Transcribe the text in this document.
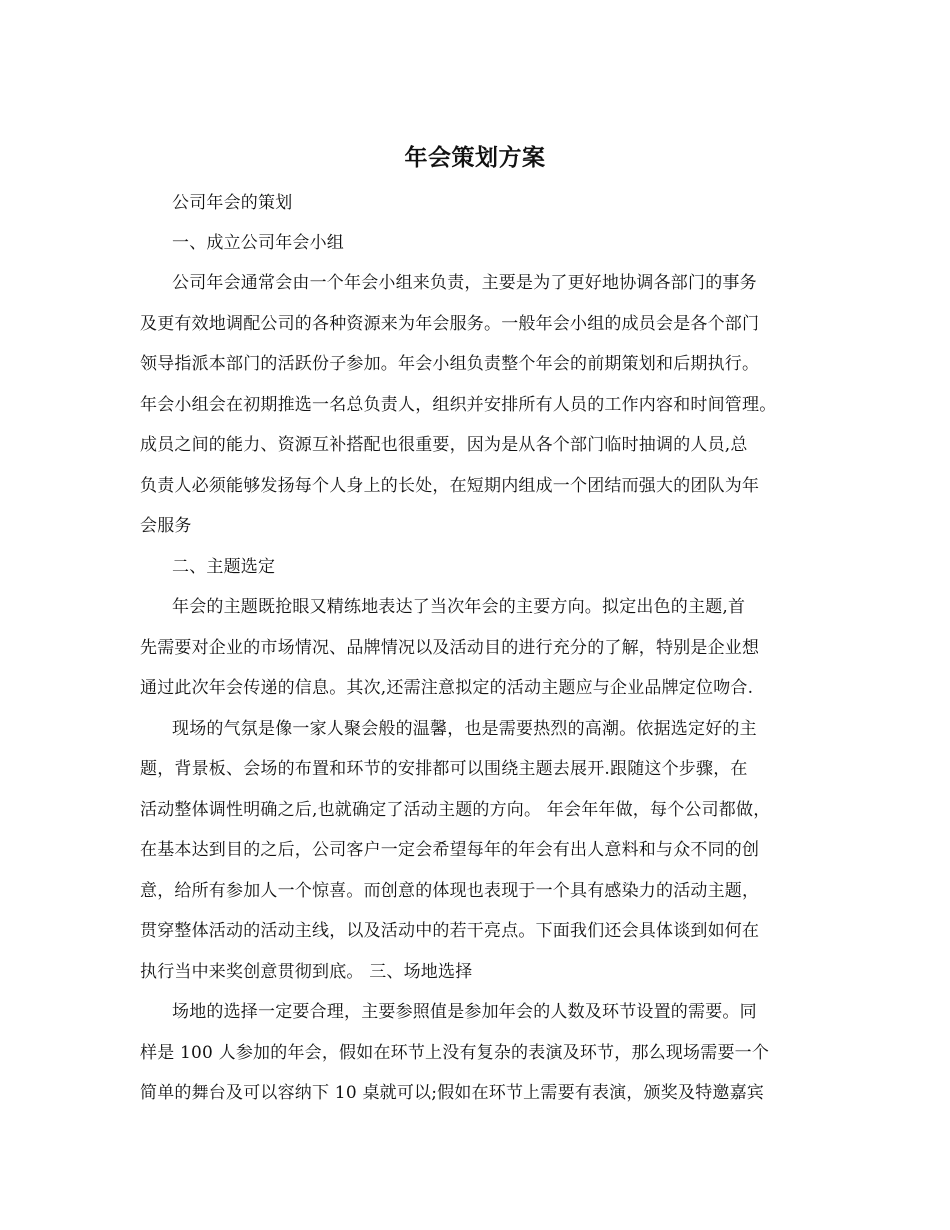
年会策划方案
公司年会的策划
一、成立公司年会小组
公司年会通常会由一个年会小组来负责，主要是为了更好地协调各部门的事务
及更有效地调配公司的各种资源来为年会服务。一般年会小组的成员会是各个部门
领导指派本部门的活跃份子参加。年会小组负责整个年会的前期策划和后期执行。
年会小组会在初期推选一名总负责人，组织并安排所有人员的工作内容和时间管理。
成员之间的能力、资源互补搭配也很重要，因为是从各个部门临时抽调的人员,总
负责人必须能够发扬每个人身上的长处，在短期内组成一个团结而强大的团队为年
会服务
二、主题选定
年会的主题既抢眼又精练地表达了当次年会的主要方向。拟定出色的主题,首
先需要对企业的市场情况、品牌情况以及活动目的进行充分的了解，特别是企业想
通过此次年会传递的信息。其次,还需注意拟定的活动主题应与企业品牌定位吻合.
现场的气氛是像一家人聚会般的温馨，也是需要热烈的高潮。依据选定好的主
题，背景板、会场的布置和环节的安排都可以围绕主题去展开.跟随这个步骤，在
活动整体调性明确之后,也就确定了活动主题的方向。 年会年年做，每个公司都做，
在基本达到目的之后，公司客户一定会希望每年的年会有出人意料和与众不同的创
意，给所有参加人一个惊喜。而创意的体现也表现于一个具有感染力的活动主题，
贯穿整体活动的活动主线，以及活动中的若干亮点。下面我们还会具体谈到如何在
执行当中来奖创意贯彻到底。 三、场地选择
场地的选择一定要合理，主要参照值是参加年会的人数及环节设置的需要。同
样是 100 人参加的年会，假如在环节上没有复杂的表演及环节，那么现场需要一个
简单的舞台及可以容纳下 10 桌就可以;假如在环节上需要有表演，颁奖及特邀嘉宾
